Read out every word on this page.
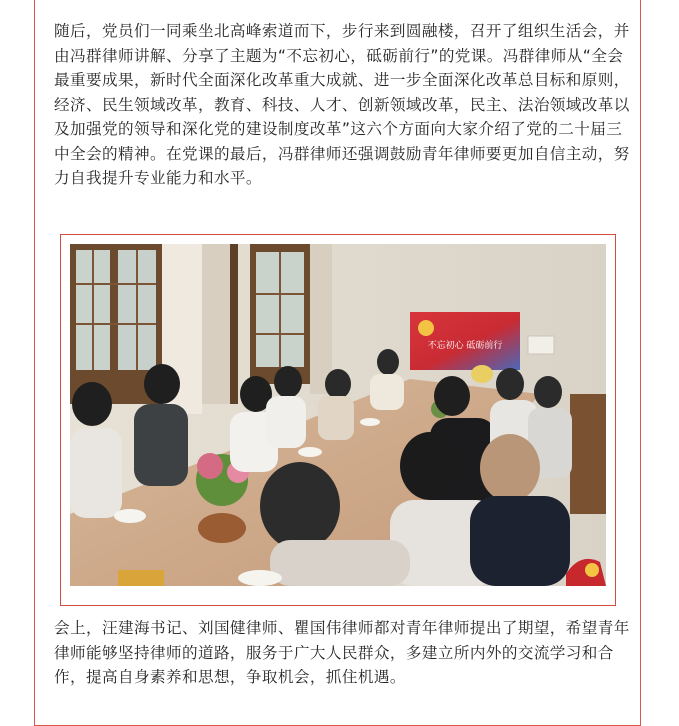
随后，党员们一同乘坐北高峰索道而下，步行来到圆融楼，召开了组织生活会，并由冯群律师讲解、分享了主题为“不忘初心，砥砺前行”的党课。冯群律师从“全会最重要成果，新时代全面深化改革重大成就、进一步全面深化改革总目标和原则，经济、民生领域改革，教育、科技、人才、创新领域改革，民主、法治领域改革以及加强党的领导和深化党的建设制度改革”这六个方面向大家介绍了党的二十届三中全会的精神。在党课的最后，冯群律师还强调鼓励青年律师要更加自信主动，努力自我提升专业能力和水平。

不忘初心 砥砺前行

会上，汪建海书记、刘国健律师、瞿国伟律师都对青年律师提出了期望，希望青年律师能够坚持律师的道路，服务于广大人民群众，多建立所内外的交流学习和合作，提高自身素养和思想，争取机会，抓住机遇。
